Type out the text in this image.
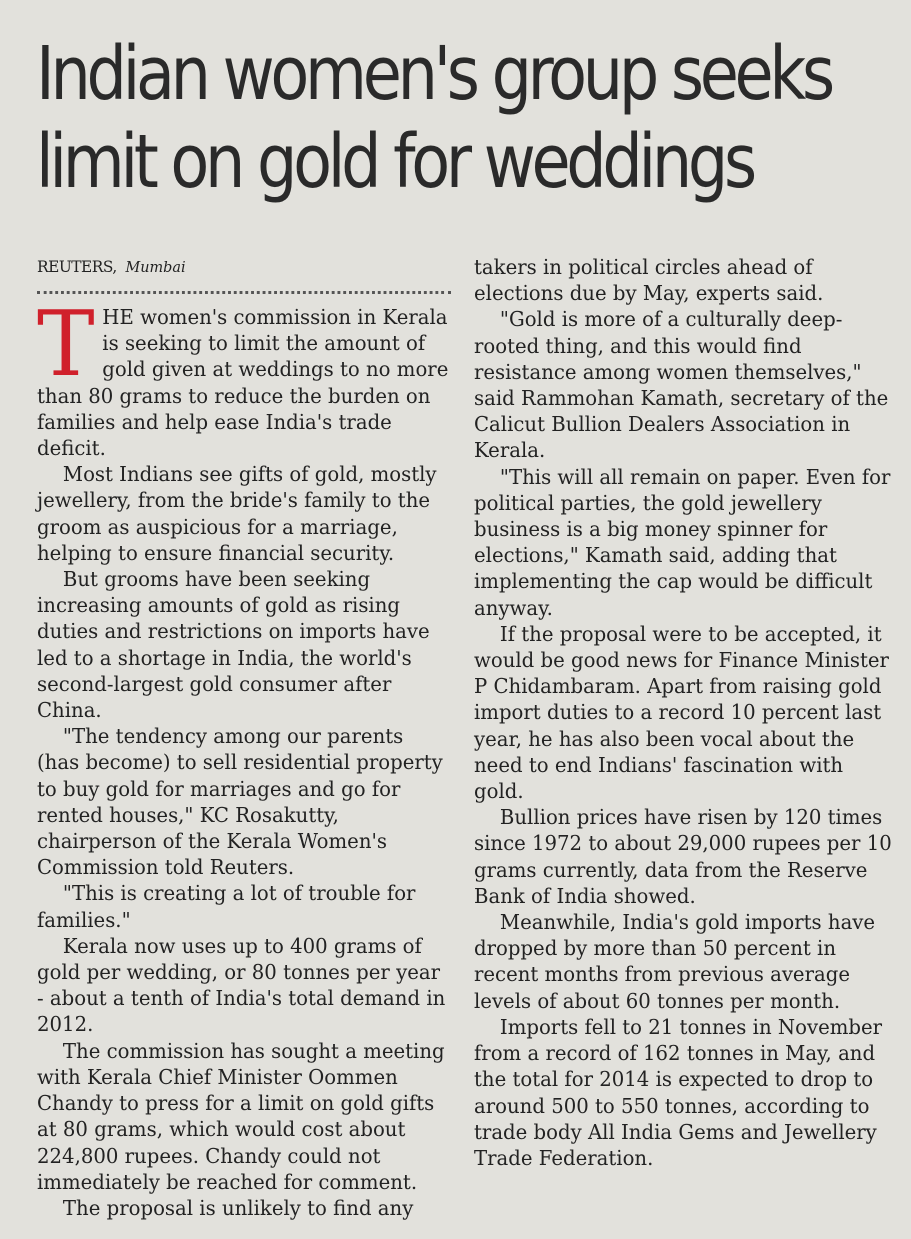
Indian women's group seeks
limit on gold for weddings
REUTERS, Mumbai

THE women's commission in Kerala is seeking to limit the amount of gold given at weddings to no more than 80 grams to reduce the burden on families and help ease India's trade deficit.

Most Indians see gifts of gold, mostly jewellery, from the bride's family to the groom as auspicious for a marriage, helping to ensure financial security.

But grooms have been seeking increasing amounts of gold as rising duties and restrictions on imports have led to a shortage in India, the world's second-largest gold consumer after China.

"The tendency among our parents (has become) to sell residential property to buy gold for marriages and go for rented houses," KC Rosakutty, chairperson of the Kerala Women's Commission told Reuters.

"This is creating a lot of trouble for families."

Kerala now uses up to 400 grams of gold per wedding, or 80 tonnes per year - about a tenth of India's total demand in 2012.

The commission has sought a meeting with Kerala Chief Minister Oommen Chandy to press for a limit on gold gifts at 80 grams, which would cost about 224,800 rupees. Chandy could not immediately be reached for comment.

The proposal is unlikely to find any

takers in political circles ahead of elections due by May, experts said.

"Gold is more of a culturally deep-rooted thing, and this would find resistance among women themselves," said Rammohan Kamath, secretary of the Calicut Bullion Dealers Association in Kerala.

"This will all remain on paper. Even for political parties, the gold jewellery business is a big money spinner for elections," Kamath said, adding that implementing the cap would be difficult anyway.

If the proposal were to be accepted, it would be good news for Finance Minister P Chidambaram. Apart from raising gold import duties to a record 10 percent last year, he has also been vocal about the need to end Indians' fascination with gold.

Bullion prices have risen by 120 times since 1972 to about 29,000 rupees per 10 grams currently, data from the Reserve Bank of India showed.

Meanwhile, India's gold imports have dropped by more than 50 percent in recent months from previous average levels of about 60 tonnes per month.

Imports fell to 21 tonnes in November from a record of 162 tonnes in May, and the total for 2014 is expected to drop to around 500 to 550 tonnes, according to trade body All India Gems and Jewellery Trade Federation.
